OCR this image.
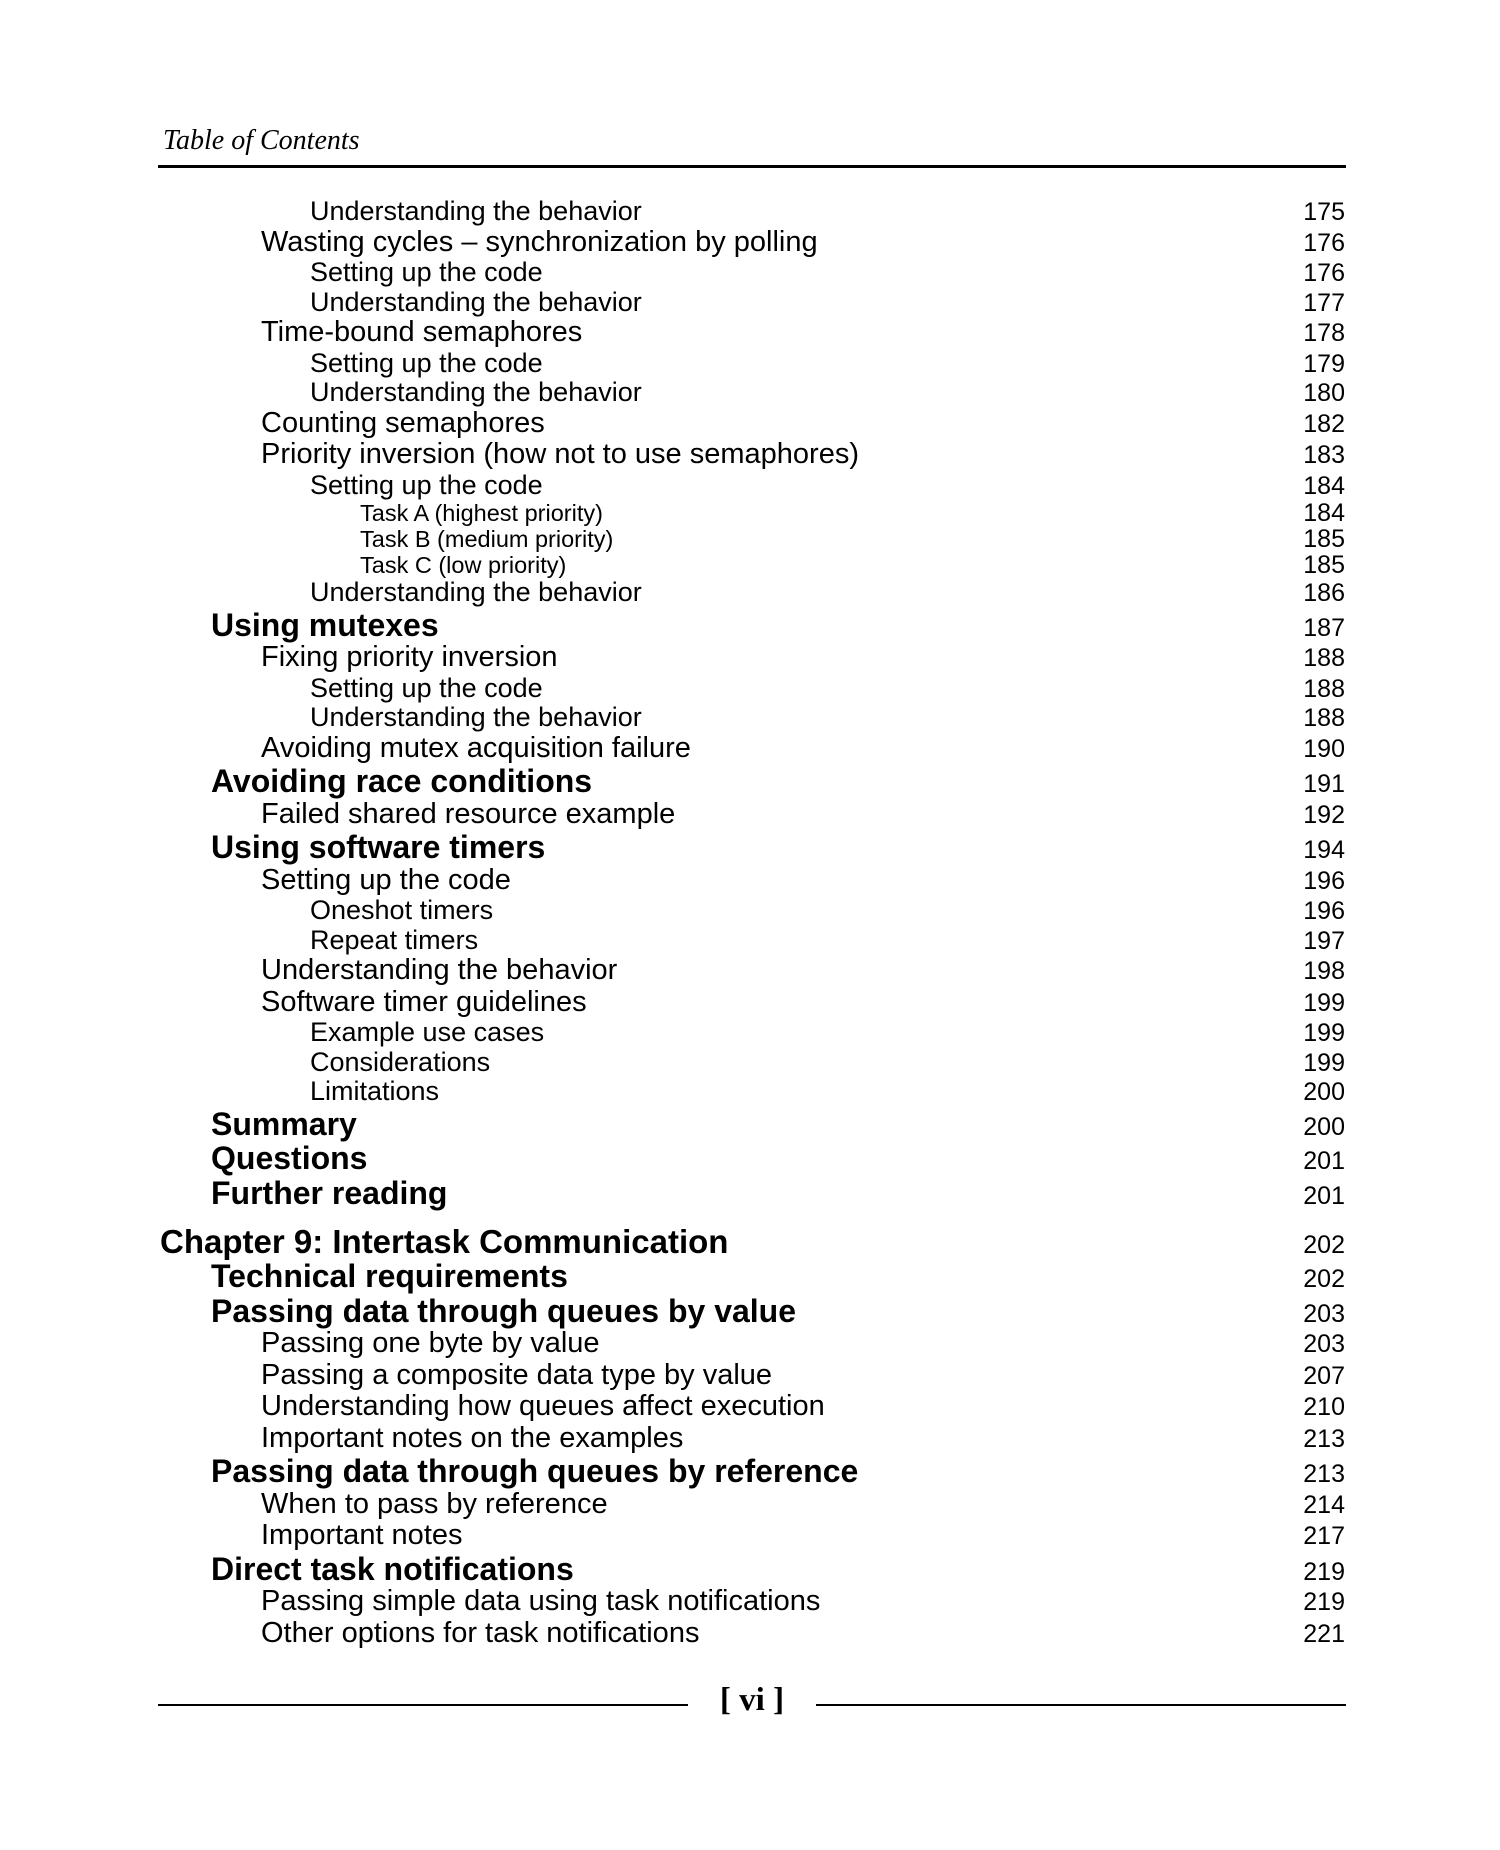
Table of Contents
Understanding the behavior	175
Wasting cycles – synchronization by polling	176
Setting up the code	176
Understanding the behavior	177
Time-bound semaphores	178
Setting up the code	179
Understanding the behavior	180
Counting semaphores	182
Priority inversion (how not to use semaphores)	183
Setting up the code	184
Task A (highest priority)	184
Task B (medium priority)	185
Task C (low priority)	185
Understanding the behavior	186
Using mutexes	187
Fixing priority inversion	188
Setting up the code	188
Understanding the behavior	188
Avoiding mutex acquisition failure	190
Avoiding race conditions	191
Failed shared resource example	192
Using software timers	194
Setting up the code	196
Oneshot timers	196
Repeat timers	197
Understanding the behavior	198
Software timer guidelines	199
Example use cases	199
Considerations	199
Limitations	200
Summary	200
Questions	201
Further reading	201
Chapter 9: Intertask Communication	202
Technical requirements	202
Passing data through queues by value	203
Passing one byte by value	203
Passing a composite data type by value	207
Understanding how queues affect execution	210
Important notes on the examples	213
Passing data through queues by reference	213
When to pass by reference	214
Important notes	217
Direct task notifications	219
Passing simple data using task notifications	219
Other options for task notifications	221
[ vi ]
